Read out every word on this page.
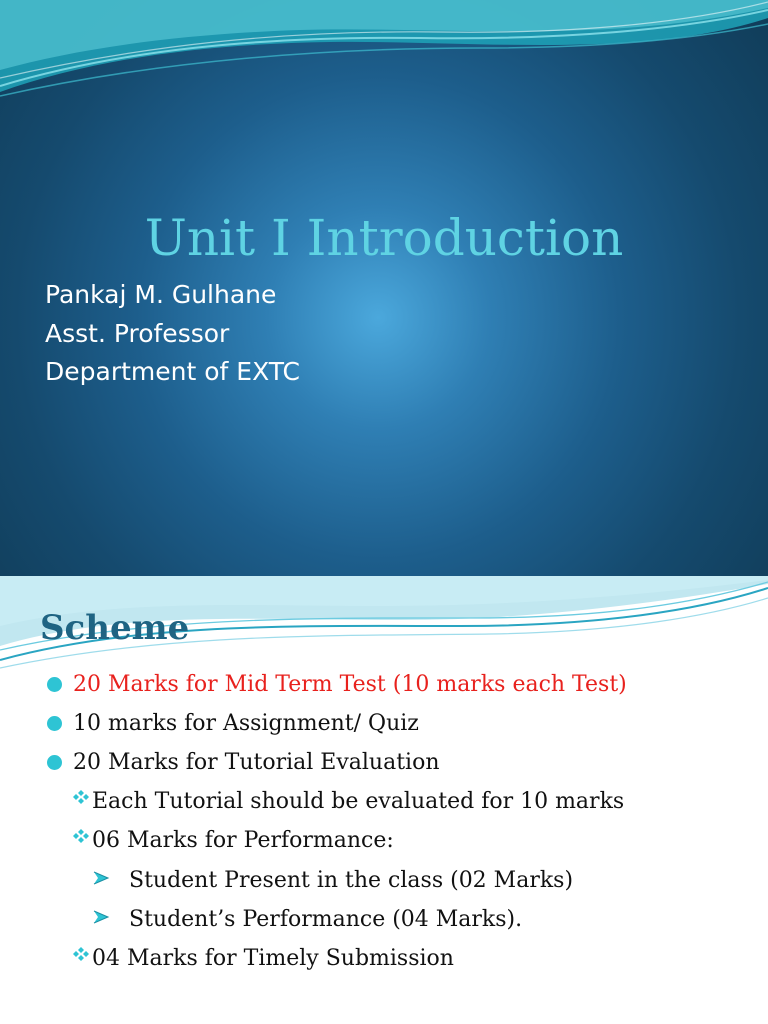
Unit I Introduction
Pankaj M. Gulhane
Asst. Professor
Department of EXTC
Scheme
20 Marks for Mid Term Test (10 marks each Test)
10 marks for Assignment/ Quiz
20 Marks for Tutorial Evaluation
Each Tutorial should be evaluated for 10 marks
06 Marks for Performance:
Student Present in the class (02 Marks)
Student’s Performance (04 Marks).
04 Marks for Timely Submission
